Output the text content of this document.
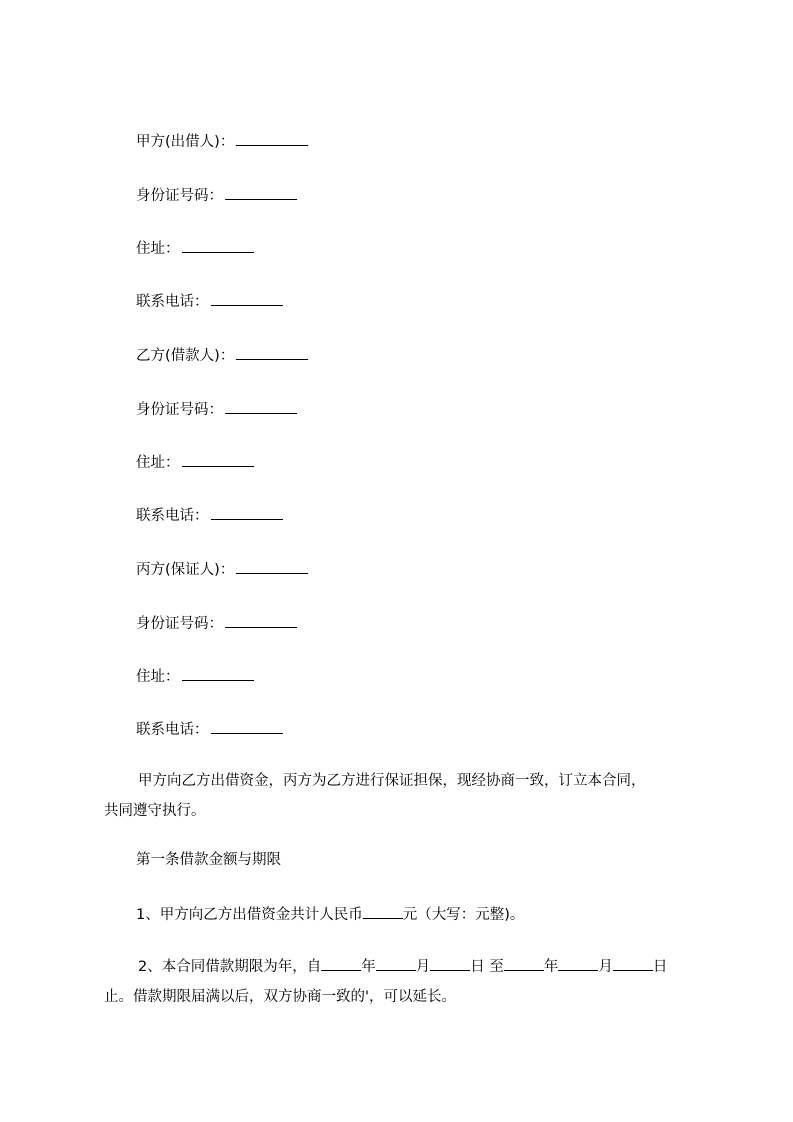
甲方(出借人)：
身份证号码：
住址：
联系电话：
乙方(借款人)：
身份证号码：
住址：
联系电话：
丙方(保证人)：
身份证号码：
住址：
联系电话：
甲方向乙方出借资金，丙方为乙方进行保证担保，现经协商一致，订立本合同，
共同遵守执行。
第一条借款金额与期限
1、甲方向乙方出借资金共计人民币	元（大写：元整)。
2、本合同借款期限为年，自	年	月	日 至	年	月	日
止。借款期限届满以后，双方协商一致的'，可以延长。
